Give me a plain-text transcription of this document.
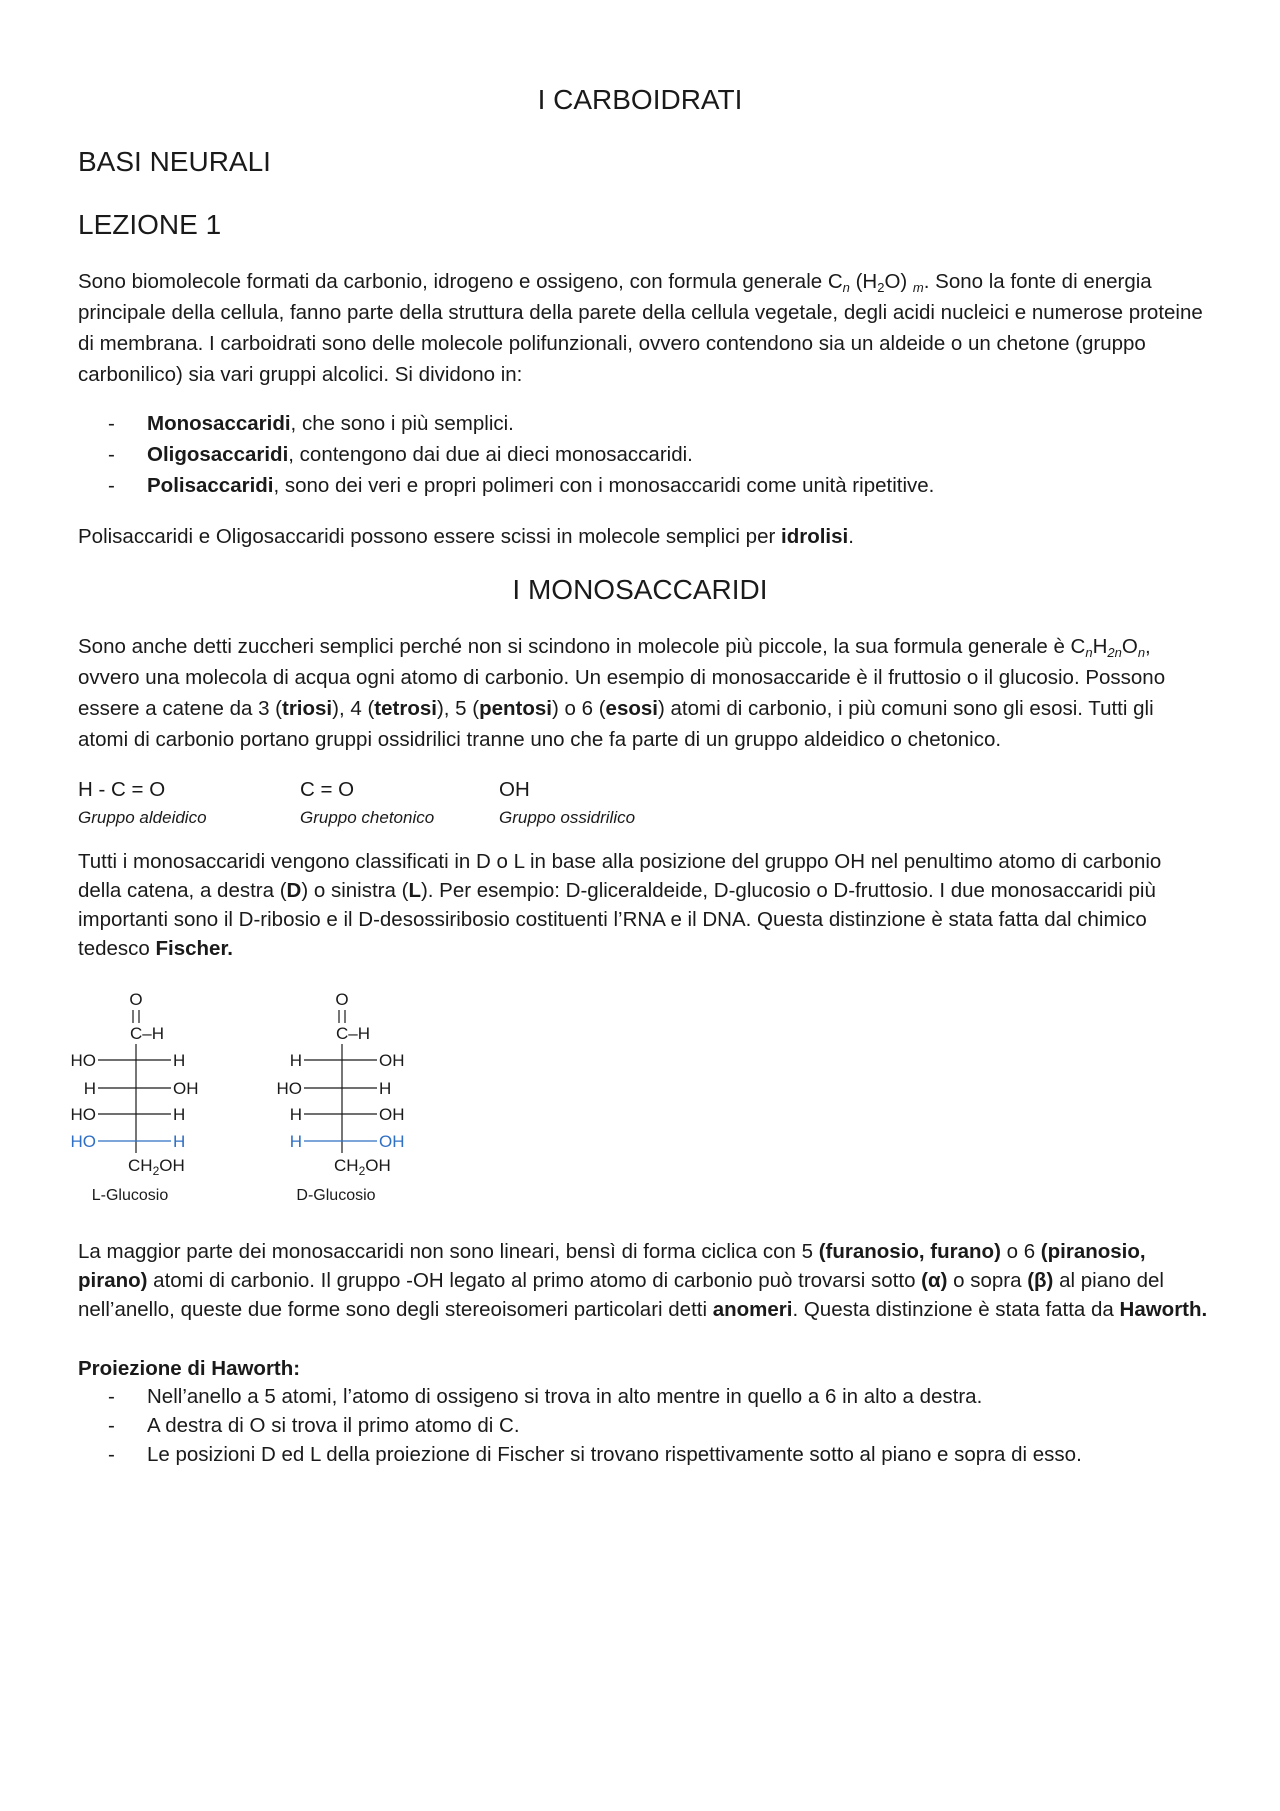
I CARBOIDRATI
BASI NEURALI
LEZIONE 1
Sono biomolecole formati da carbonio, idrogeno e ossigeno, con formula generale $C_n$ $(H_2O)$ $_m$. Sono la fonte di energia principale della cellula, fanno parte della struttura della parete della cellula vegetale, degli acidi nucleici e numerose proteine di membrana. I carboidrati sono delle molecole polifunzionali, ovvero contendono sia un aldeide o un chetone (gruppo carbonilico) sia vari gruppi alcolici. Si dividono in:
- Monosaccaridi, che sono i più semplici.
- Oligosaccaridi, contengono dai due ai dieci monosaccaridi.
- Polisaccaridi, sono dei veri e propri polimeri con i monosaccaridi come unità ripetitive.
Polisaccaridi e Oligosaccaridi possono essere scissi in molecole semplici per idrolisi.
I MONOSACCARIDI
Sono anche detti zuccheri semplici perché non si scindono in molecole più piccole, la sua formula generale è $C_nH_{2n}O_n$, ovvero una molecola di acqua ogni atomo di carbonio. Un esempio di monosaccaride è il fruttosio o il glucosio. Possono essere a catene da 3 (triosi), 4 (tetrosi), 5 (pentosi) o 6 (esosi) atomi di carbonio, i più comuni sono gli esosi. Tutti gli atomi di carbonio portano gruppi ossidrilici tranne uno che fa parte di un gruppo aldeidico o chetonico.
H - C = O
Gruppo aldeidico
C = O
Gruppo chetonico
OH
Gruppo ossidrilico
Tutti i monosaccaridi vengono classificati in D o L in base alla posizione del gruppo OH nel penultimo atomo di carbonio della catena, a destra (D) o sinistra (L). Per esempio: D-gliceraldeide, D-glucosio o D-fruttosio. I due monosaccaridi più importanti sono il D-ribosio e il D-desossiribosio costituenti l’RNA e il DNA. Questa distinzione è stata fatta dal chimico tedesco Fischer.
O
C–H
HO	H
H	OH
HO	H
HO	H
$CH_2OH$
L-Glucosio
O
C–H
H	OH
HO	H
H	OH
H	OH
$CH_2OH$
D-Glucosio
La maggior parte dei monosaccaridi non sono lineari, bensì di forma ciclica con 5 (furanosio, furano) o 6 (piranosio, pirano) atomi di carbonio. Il gruppo -OH legato al primo atomo di carbonio può trovarsi sotto (α) o sopra (β) al piano del nell’anello, queste due forme sono degli stereoisomeri particolari detti anomeri. Questa distinzione è stata fatta da Haworth.
Proiezione di Haworth:
- Nell’anello a 5 atomi, l’atomo di ossigeno si trova in alto mentre in quello a 6 in alto a destra.
- A destra di O si trova il primo atomo di C.
- Le posizioni D ed L della proiezione di Fischer si trovano rispettivamente sotto al piano e sopra di esso.
